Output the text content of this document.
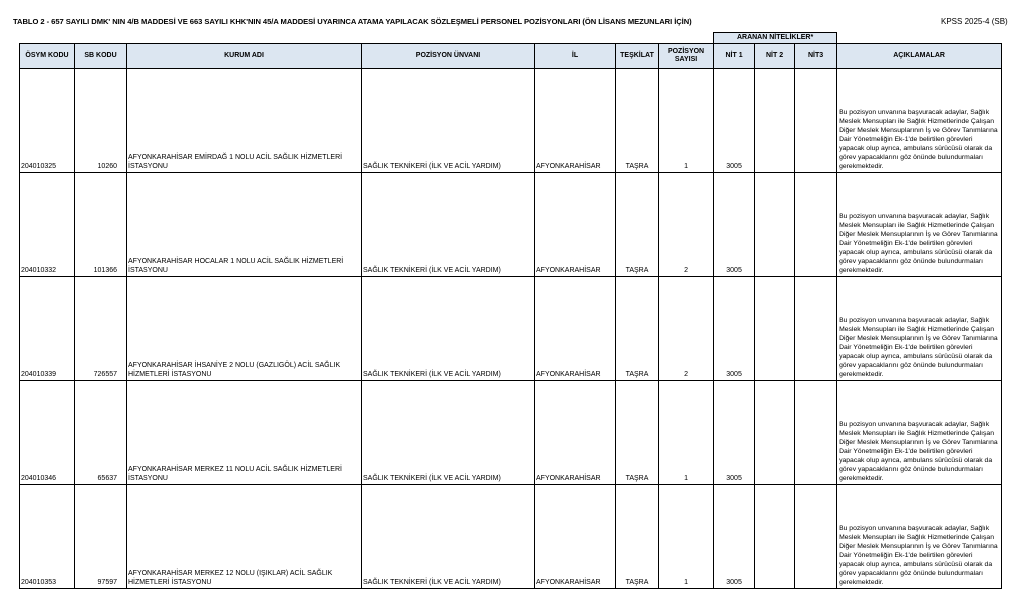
TABLO 2 - 657 SAYILI DMK' NIN 4/B MADDESİ VE 663 SAYILI KHK'NIN 45/A MADDESİ UYARINCA ATAMA YAPILACAK SÖZLEŞMELİ PERSONEL POZİSYONLARI (ÖN LİSANS MEZUNLARI İÇİN)	KPSS 2025-4 (SB)
							ARANAN NİTELİKLER*			
ÖSYM KODU	SB KODU	KURUM ADI	POZİSYON ÜNVANI	İL	TEŞKİLAT	POZİSYON SAYISI	NİT 1	NİT 2	NİT3	AÇIKLAMALAR
204010325	10260	AFYONKARAHİSAR EMİRDAĞ 1 NOLU ACİL SAĞLIK HİZMETLERİ İSTASYONU	SAĞLIK TEKNİKERİ (İLK VE ACİL YARDIM)	AFYONKARAHİSAR	TAŞRA	1	3005			Bu pozisyon unvanına başvuracak adaylar, Sağlık Meslek Mensupları ile Sağlık Hizmetlerinde Çalışan Diğer Meslek Mensuplarının İş ve Görev Tanımlarına Dair Yönetmeliğin Ek-1'de belirtilen görevleri yapacak olup ayrıca, ambulans sürücüsü olarak da görev yapacaklarını göz önünde bulundurmaları gerekmektedir.
204010332	101366	AFYONKARAHİSAR HOCALAR 1 NOLU ACİL SAĞLIK HİZMETLERİ İSTASYONU	SAĞLIK TEKNİKERİ (İLK VE ACİL YARDIM)	AFYONKARAHİSAR	TAŞRA	2	3005			Bu pozisyon unvanına başvuracak adaylar, Sağlık Meslek Mensupları ile Sağlık Hizmetlerinde Çalışan Diğer Meslek Mensuplarının İş ve Görev Tanımlarına Dair Yönetmeliğin Ek-1'de belirtilen görevleri yapacak olup ayrıca, ambulans sürücüsü olarak da görev yapacaklarını göz önünde bulundurmaları gerekmektedir.
204010339	726557	AFYONKARAHİSAR İHSANİYE 2 NOLU (GAZLIGÖL) ACİL SAĞLIK HİZMETLERİ İSTASYONU	SAĞLIK TEKNİKERİ (İLK VE ACİL YARDIM)	AFYONKARAHİSAR	TAŞRA	2	3005			Bu pozisyon unvanına başvuracak adaylar, Sağlık Meslek Mensupları ile Sağlık Hizmetlerinde Çalışan Diğer Meslek Mensuplarının İş ve Görev Tanımlarına Dair Yönetmeliğin Ek-1'de belirtilen görevleri yapacak olup ayrıca, ambulans sürücüsü olarak da görev yapacaklarını göz önünde bulundurmaları gerekmektedir.
204010346	65637	AFYONKARAHİSAR MERKEZ 11 NOLU ACİL SAĞLIK HİZMETLERİ İSTASYONU	SAĞLIK TEKNİKERİ (İLK VE ACİL YARDIM)	AFYONKARAHİSAR	TAŞRA	1	3005			Bu pozisyon unvanına başvuracak adaylar, Sağlık Meslek Mensupları ile Sağlık Hizmetlerinde Çalışan Diğer Meslek Mensuplarının İş ve Görev Tanımlarına Dair Yönetmeliğin Ek-1'de belirtilen görevleri yapacak olup ayrıca, ambulans sürücüsü olarak da görev yapacaklarını göz önünde bulundurmaları gerekmektedir.
204010353	97597	AFYONKARAHİSAR MERKEZ 12 NOLU (IŞIKLAR) ACİL SAĞLIK HİZMETLERİ İSTASYONU	SAĞLIK TEKNİKERİ (İLK VE ACİL YARDIM)	AFYONKARAHİSAR	TAŞRA	1	3005			Bu pozisyon unvanına başvuracak adaylar, Sağlık Meslek Mensupları ile Sağlık Hizmetlerinde Çalışan Diğer Meslek Mensuplarının İş ve Görev Tanımlarına Dair Yönetmeliğin Ek-1'de belirtilen görevleri yapacak olup ayrıca, ambulans sürücüsü olarak da görev yapacaklarını göz önünde bulundurmaları gerekmektedir.
